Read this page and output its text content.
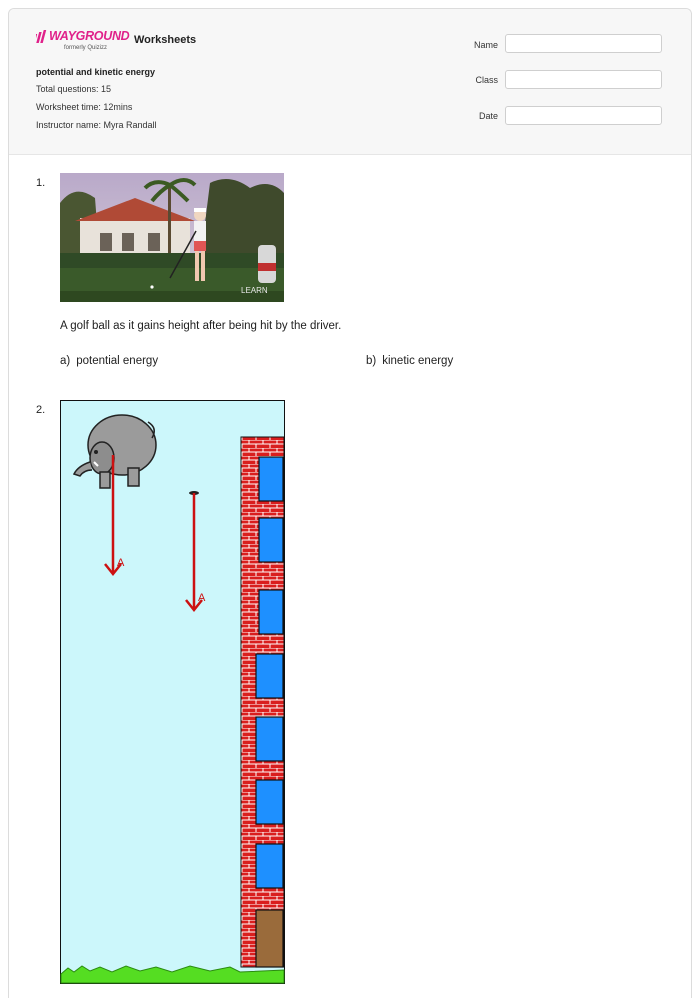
WAYGROUND
formerly Quizizz
Worksheets
potential and kinetic energy
Total questions: 15
Worksheet time: 12mins
Instructor name: Myra Randall
Name
Class
Date
1.
LEARN
A golf ball as it gains height after being hit by the driver.
a) potential energy	b) kinetic energy
2.
A
A
